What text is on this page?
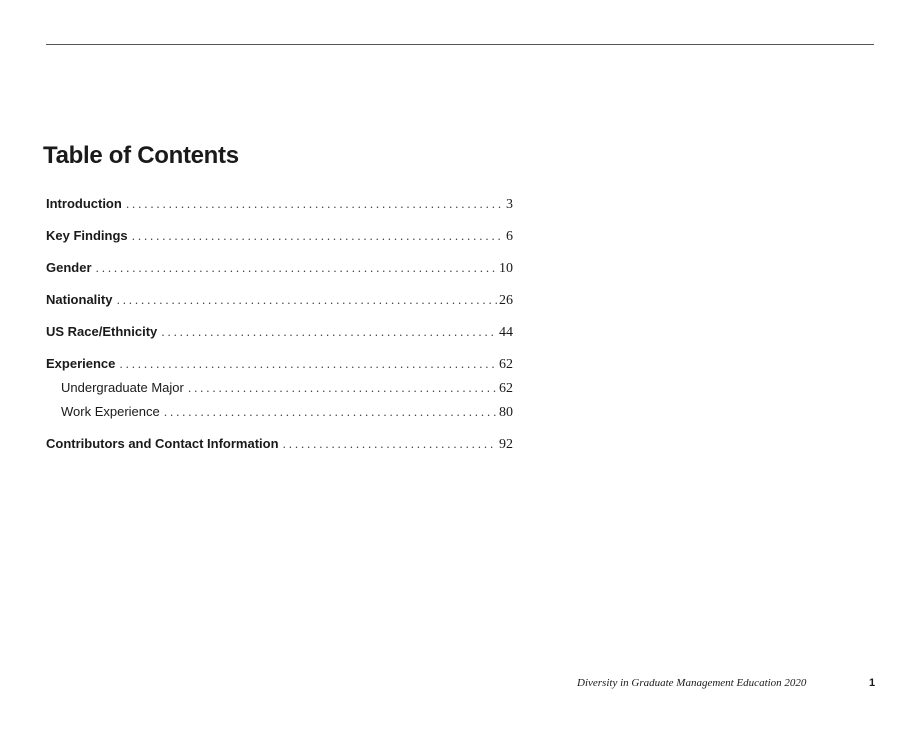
Table of Contents
Introduction .....	3
Key Findings .....	6
Gender .....	10
Nationality .....	26
US Race/Ethnicity .....	44
Experience .....	62
Undergraduate Major .....	62
Work Experience .....	80
Contributors and Contact Information .....	92
Diversity in Graduate Management Education 2020	1
